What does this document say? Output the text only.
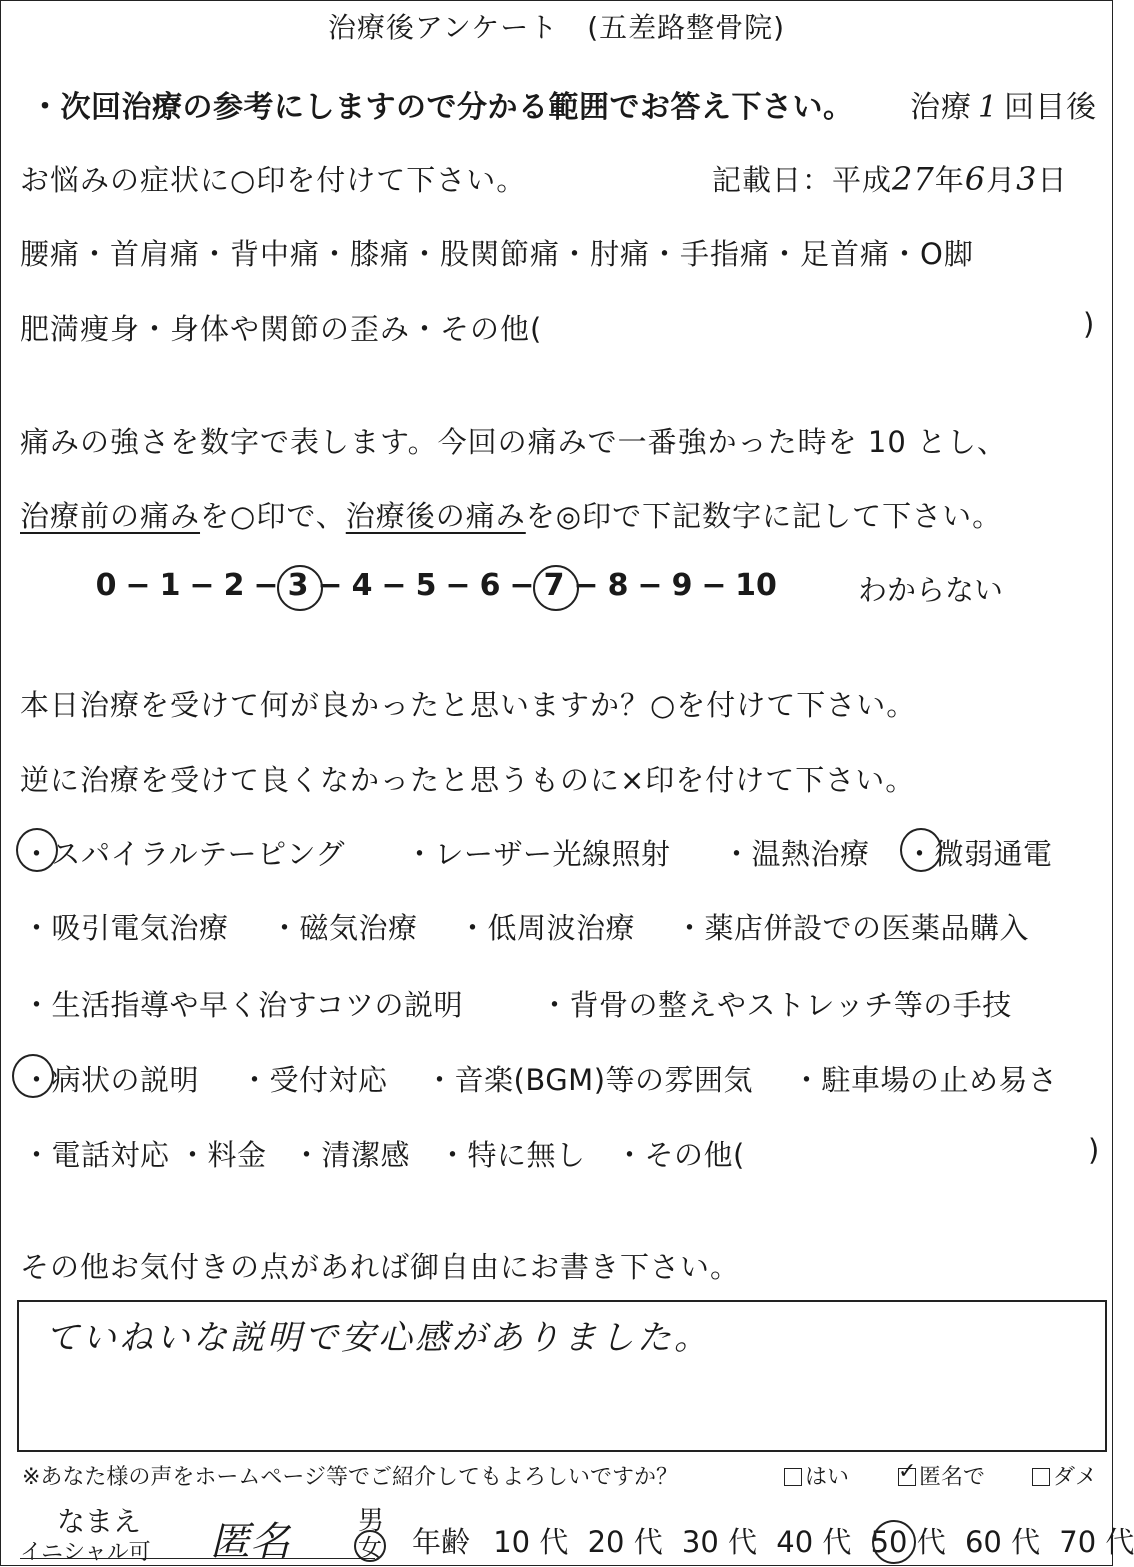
治療後アンケート　(五差路整骨院)
・次回治療の参考にしますので分かる範囲でお答え下さい。 治療 1 回目後
お悩みの症状に○印を付けて下さい。	記載日：平成27年6月3日
腰痛・首肩痛・背中痛・膝痛・股関節痛・肘痛・手指痛・足首痛・O脚
肥満痩身・身体や関節の歪み・その他(	)
痛みの強さを数字で表します。今回の痛みで一番強かった時を 10 とし、
治療前の痛みを○印で、治療後の痛みを◎印で下記数字に記して下さい。
0 − 1 − 2 − 3 − 4 − 5 − 6 − 7 − 8 − 9 − 10	わからない
本日治療を受けて何が良かったと思いますか？○を付けて下さい。
逆に治療を受けて良くなかったと思うものに×印を付けて下さい。
・スパイラルテーピング ・レーザー光線照射 ・温熱治療 ・微弱通電
・吸引電気治療 ・磁気治療 ・低周波治療 ・薬店併設での医薬品購入
・生活指導や早く治すコツの説明	・背骨の整えやストレッチ等の手技
・病状の説明 ・受付対応 ・音楽(BGM)等の雰囲気 ・駐車場の止め易さ
・電話対応 ・料金 ・清潔感 ・特に無し ・その他(	)
その他お気付きの点があれば御自由にお書き下さい。
ていねいな説明で安心感がありました。
※あなた様の声をホームページ等でご紹介してもよろしいですか？	はい ✓	匿名で	ダメ
なまえ
イニシャル可 匿名	男
女 年齢 10 代 20 代 30 代 40 代 50 代 60 代 70 代
